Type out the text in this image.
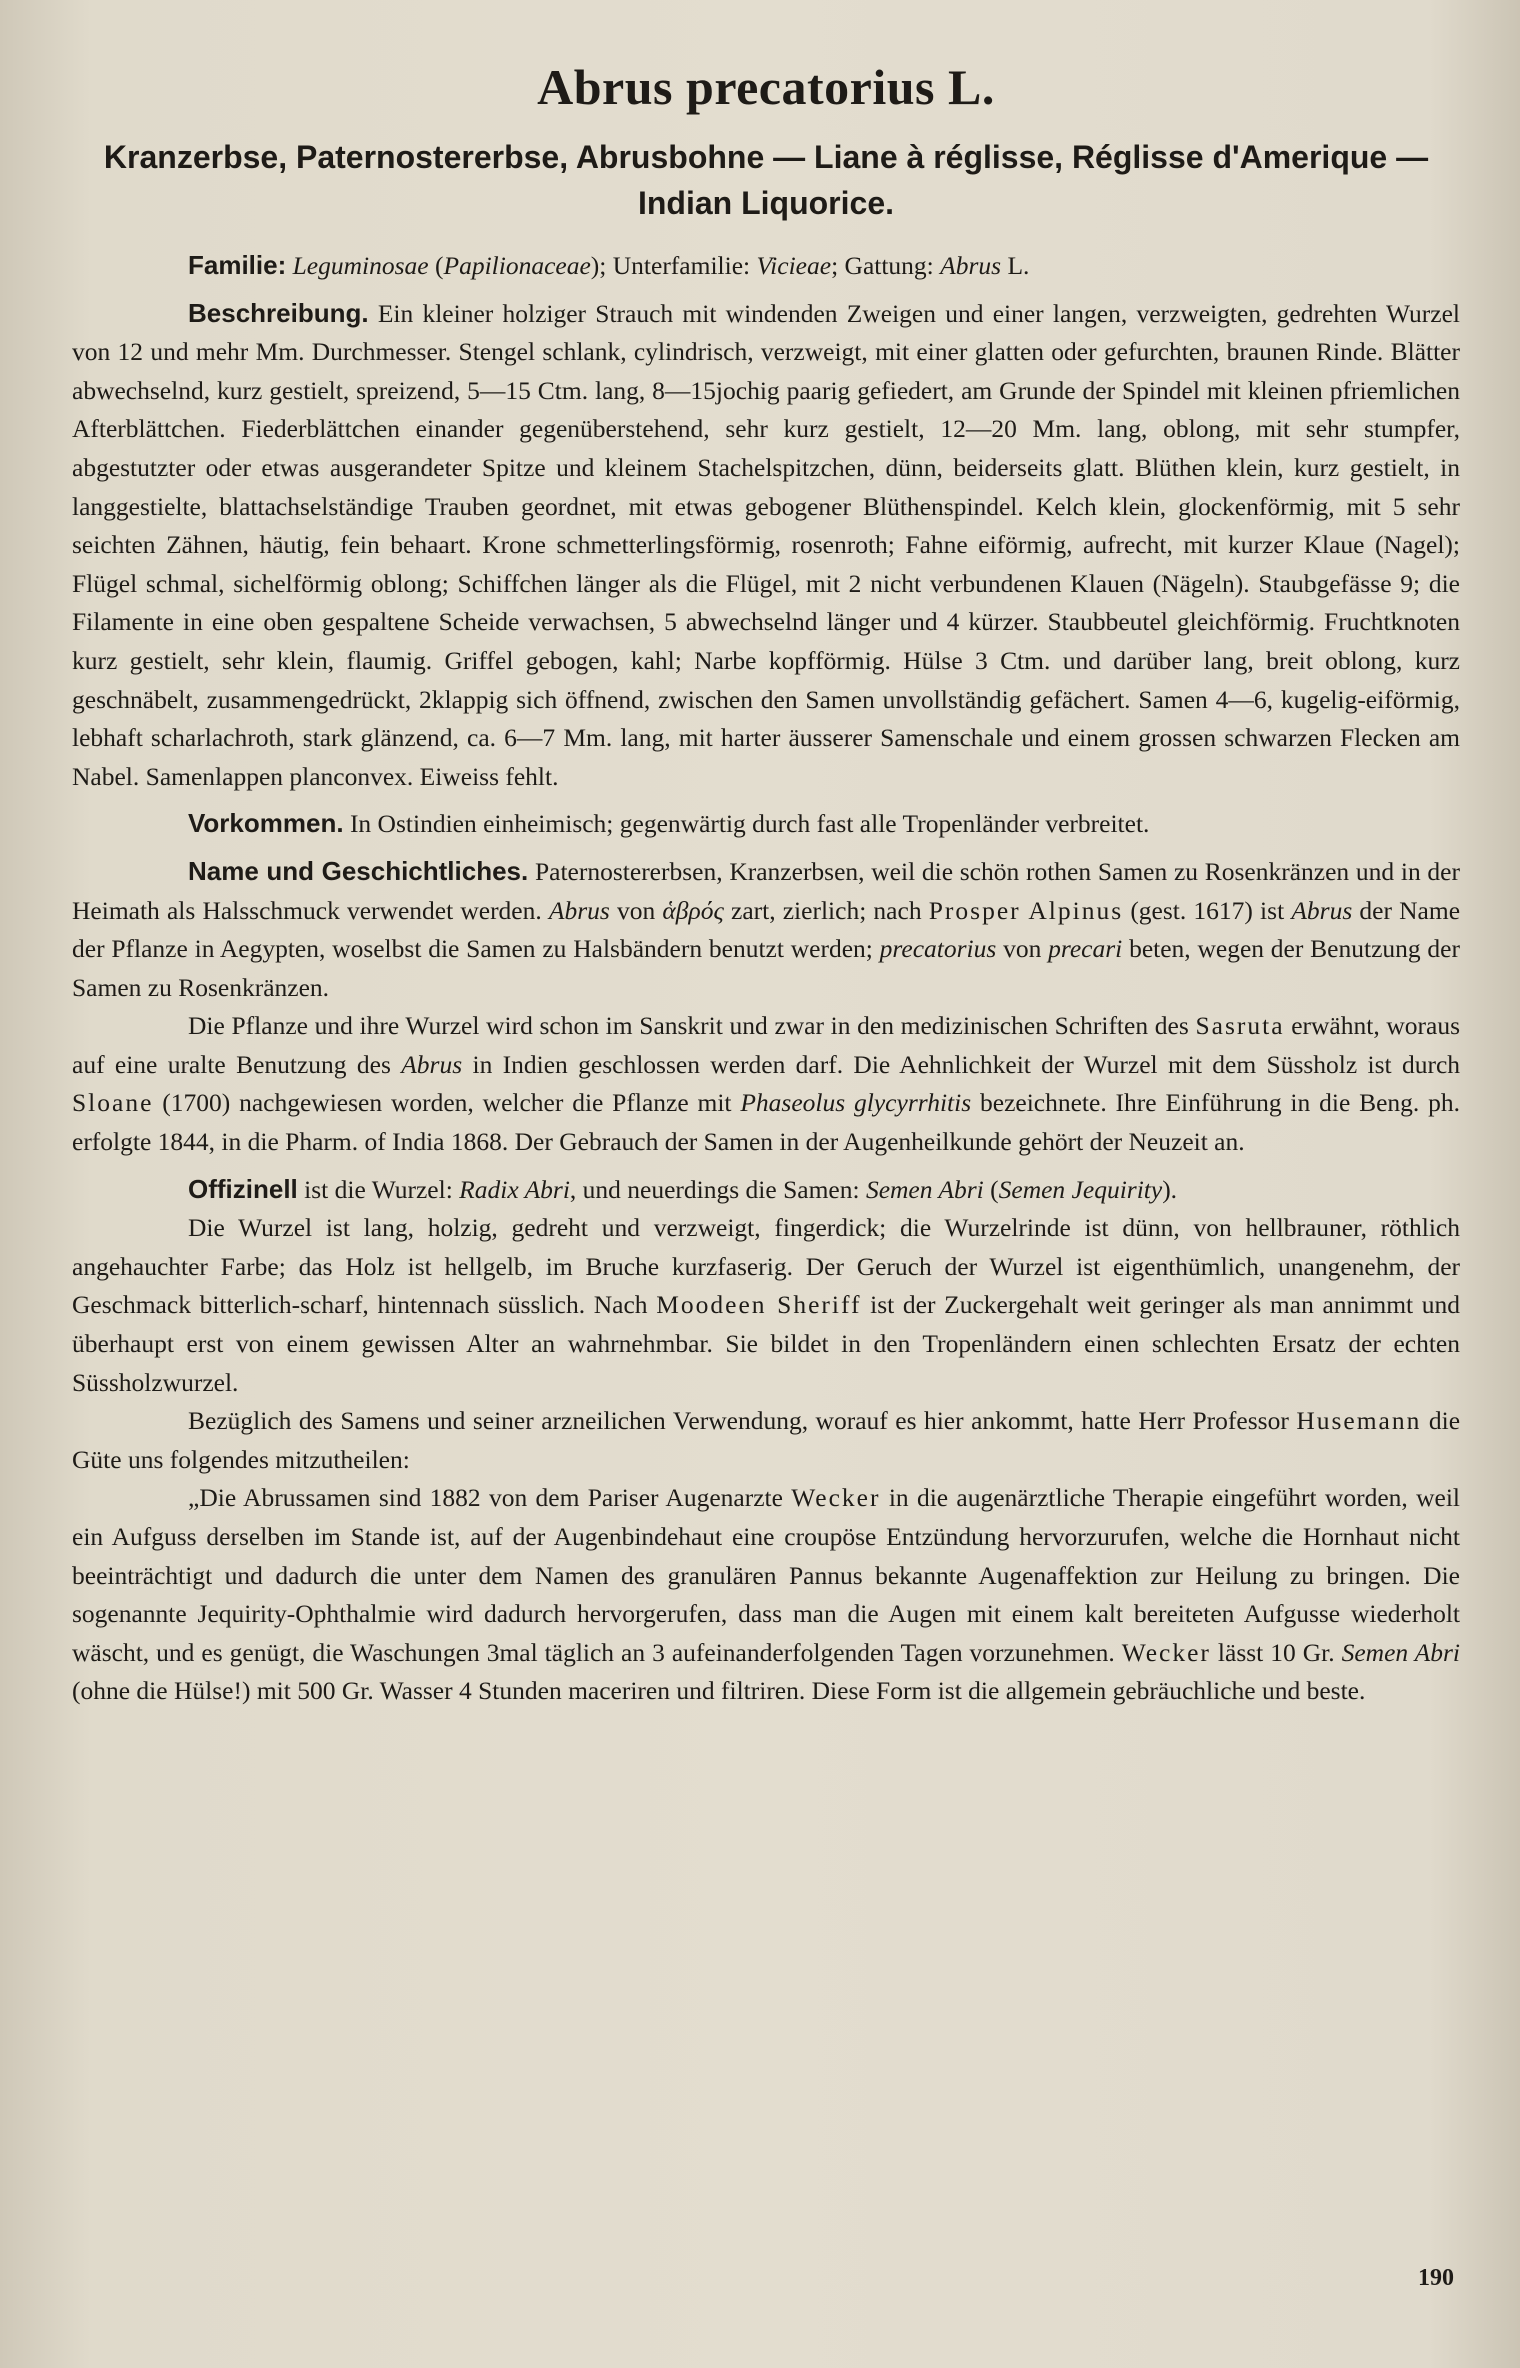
Abrus precatorius L.
Kranzerbse, Paternostererbse, Abrusbohne — Liane à réglisse, Réglisse d'Amerique — Indian Liquorice.

Familie: Leguminosae (Papilionaceae); Unterfamilie: Vicieae; Gattung: Abrus L.

Beschreibung. Ein kleiner holziger Strauch mit windenden Zweigen und einer langen, verzweigten, gedrehten Wurzel von 12 und mehr Mm. Durchmesser. Stengel schlank, cylindrisch, verzweigt, mit einer glatten oder gefurchten, braunen Rinde. Blätter abwechselnd, kurz gestielt, spreizend, 5—15 Ctm. lang, 8—15jochig paarig gefiedert, am Grunde der Spindel mit kleinen pfriemlichen Afterblättchen. Fiederblättchen einander gegenüberstehend, sehr kurz gestielt, 12—20 Mm. lang, oblong, mit sehr stumpfer, abgestutzter oder etwas ausgerandeter Spitze und kleinem Stachelspitzchen, dünn, beiderseits glatt. Blüthen klein, kurz gestielt, in langgestielte, blattachselständige Trauben geordnet, mit etwas gebogener Blüthenspindel. Kelch klein, glockenförmig, mit 5 sehr seichten Zähnen, häutig, fein behaart. Krone schmetterlingsförmig, rosenroth; Fahne eiförmig, aufrecht, mit kurzer Klaue (Nagel); Flügel schmal, sichelförmig oblong; Schiffchen länger als die Flügel, mit 2 nicht verbundenen Klauen (Nägeln). Staubgefässe 9; die Filamente in eine oben gespaltene Scheide verwachsen, 5 abwechselnd länger und 4 kürzer. Staubbeutel gleichförmig. Fruchtknoten kurz gestielt, sehr klein, flaumig. Griffel gebogen, kahl; Narbe kopfförmig. Hülse 3 Ctm. und darüber lang, breit oblong, kurz geschnäbelt, zusammengedrückt, 2klappig sich öffnend, zwischen den Samen unvollständig gefächert. Samen 4—6, kugelig-eiförmig, lebhaft scharlachroth, stark glänzend, ca. 6—7 Mm. lang, mit harter äusserer Samenschale und einem grossen schwarzen Flecken am Nabel. Samenlappen planconvex. Eiweiss fehlt.

Vorkommen. In Ostindien einheimisch; gegenwärtig durch fast alle Tropenländer verbreitet.

Name und Geschichtliches. Paternostererbsen, Kranzerbsen, weil die schön rothen Samen zu Rosenkränzen und in der Heimath als Halsschmuck verwendet werden. Abrus von ἁβρός zart, zierlich; nach Prosper Alpinus (gest. 1617) ist Abrus der Name der Pflanze in Aegypten, woselbst die Samen zu Halsbändern benutzt werden; precatorius von precari beten, wegen der Benutzung der Samen zu Rosenkränzen.

Die Pflanze und ihre Wurzel wird schon im Sanskrit und zwar in den medizinischen Schriften des Sasruta erwähnt, woraus auf eine uralte Benutzung des Abrus in Indien geschlossen werden darf. Die Aehnlichkeit der Wurzel mit dem Süssholz ist durch Sloane (1700) nachgewiesen worden, welcher die Pflanze mit Phaseolus glycyrrhitis bezeichnete. Ihre Einführung in die Beng. ph. erfolgte 1844, in die Pharm. of India 1868. Der Gebrauch der Samen in der Augenheilkunde gehört der Neuzeit an.

Offizinell ist die Wurzel: Radix Abri, und neuerdings die Samen: Semen Abri (Semen Jequirity).

Die Wurzel ist lang, holzig, gedreht und verzweigt, fingerdick; die Wurzelrinde ist dünn, von hellbrauner, röthlich angehauchter Farbe; das Holz ist hellgelb, im Bruche kurzfaserig. Der Geruch der Wurzel ist eigenthümlich, unangenehm, der Geschmack bitterlich-scharf, hintennach süsslich. Nach Moodeen Sheriff ist der Zuckergehalt weit geringer als man annimmt und überhaupt erst von einem gewissen Alter an wahrnehmbar. Sie bildet in den Tropenländern einen schlechten Ersatz der echten Süssholzwurzel.

Bezüglich des Samens und seiner arzneilichen Verwendung, worauf es hier ankommt, hatte Herr Professor Husemann die Güte uns folgendes mitzutheilen:

„Die Abrussamen sind 1882 von dem Pariser Augenarzte Wecker in die augenärztliche Therapie eingeführt worden, weil ein Aufguss derselben im Stande ist, auf der Augenbindehaut eine croupöse Entzündung hervorzurufen, welche die Hornhaut nicht beeinträchtigt und dadurch die unter dem Namen des granulären Pannus bekannte Augenaffektion zur Heilung zu bringen. Die sogenannte Jequirity-Ophthalmie wird dadurch hervorgerufen, dass man die Augen mit einem kalt bereiteten Aufgusse wiederholt wäscht, und es genügt, die Waschungen 3mal täglich an 3 aufeinanderfolgenden Tagen vorzunehmen. Wecker lässt 10 Gr. Semen Abri (ohne die Hülse!) mit 500 Gr. Wasser 4 Stunden maceriren und filtriren. Diese Form ist die allgemein gebräuchliche und beste.

190
